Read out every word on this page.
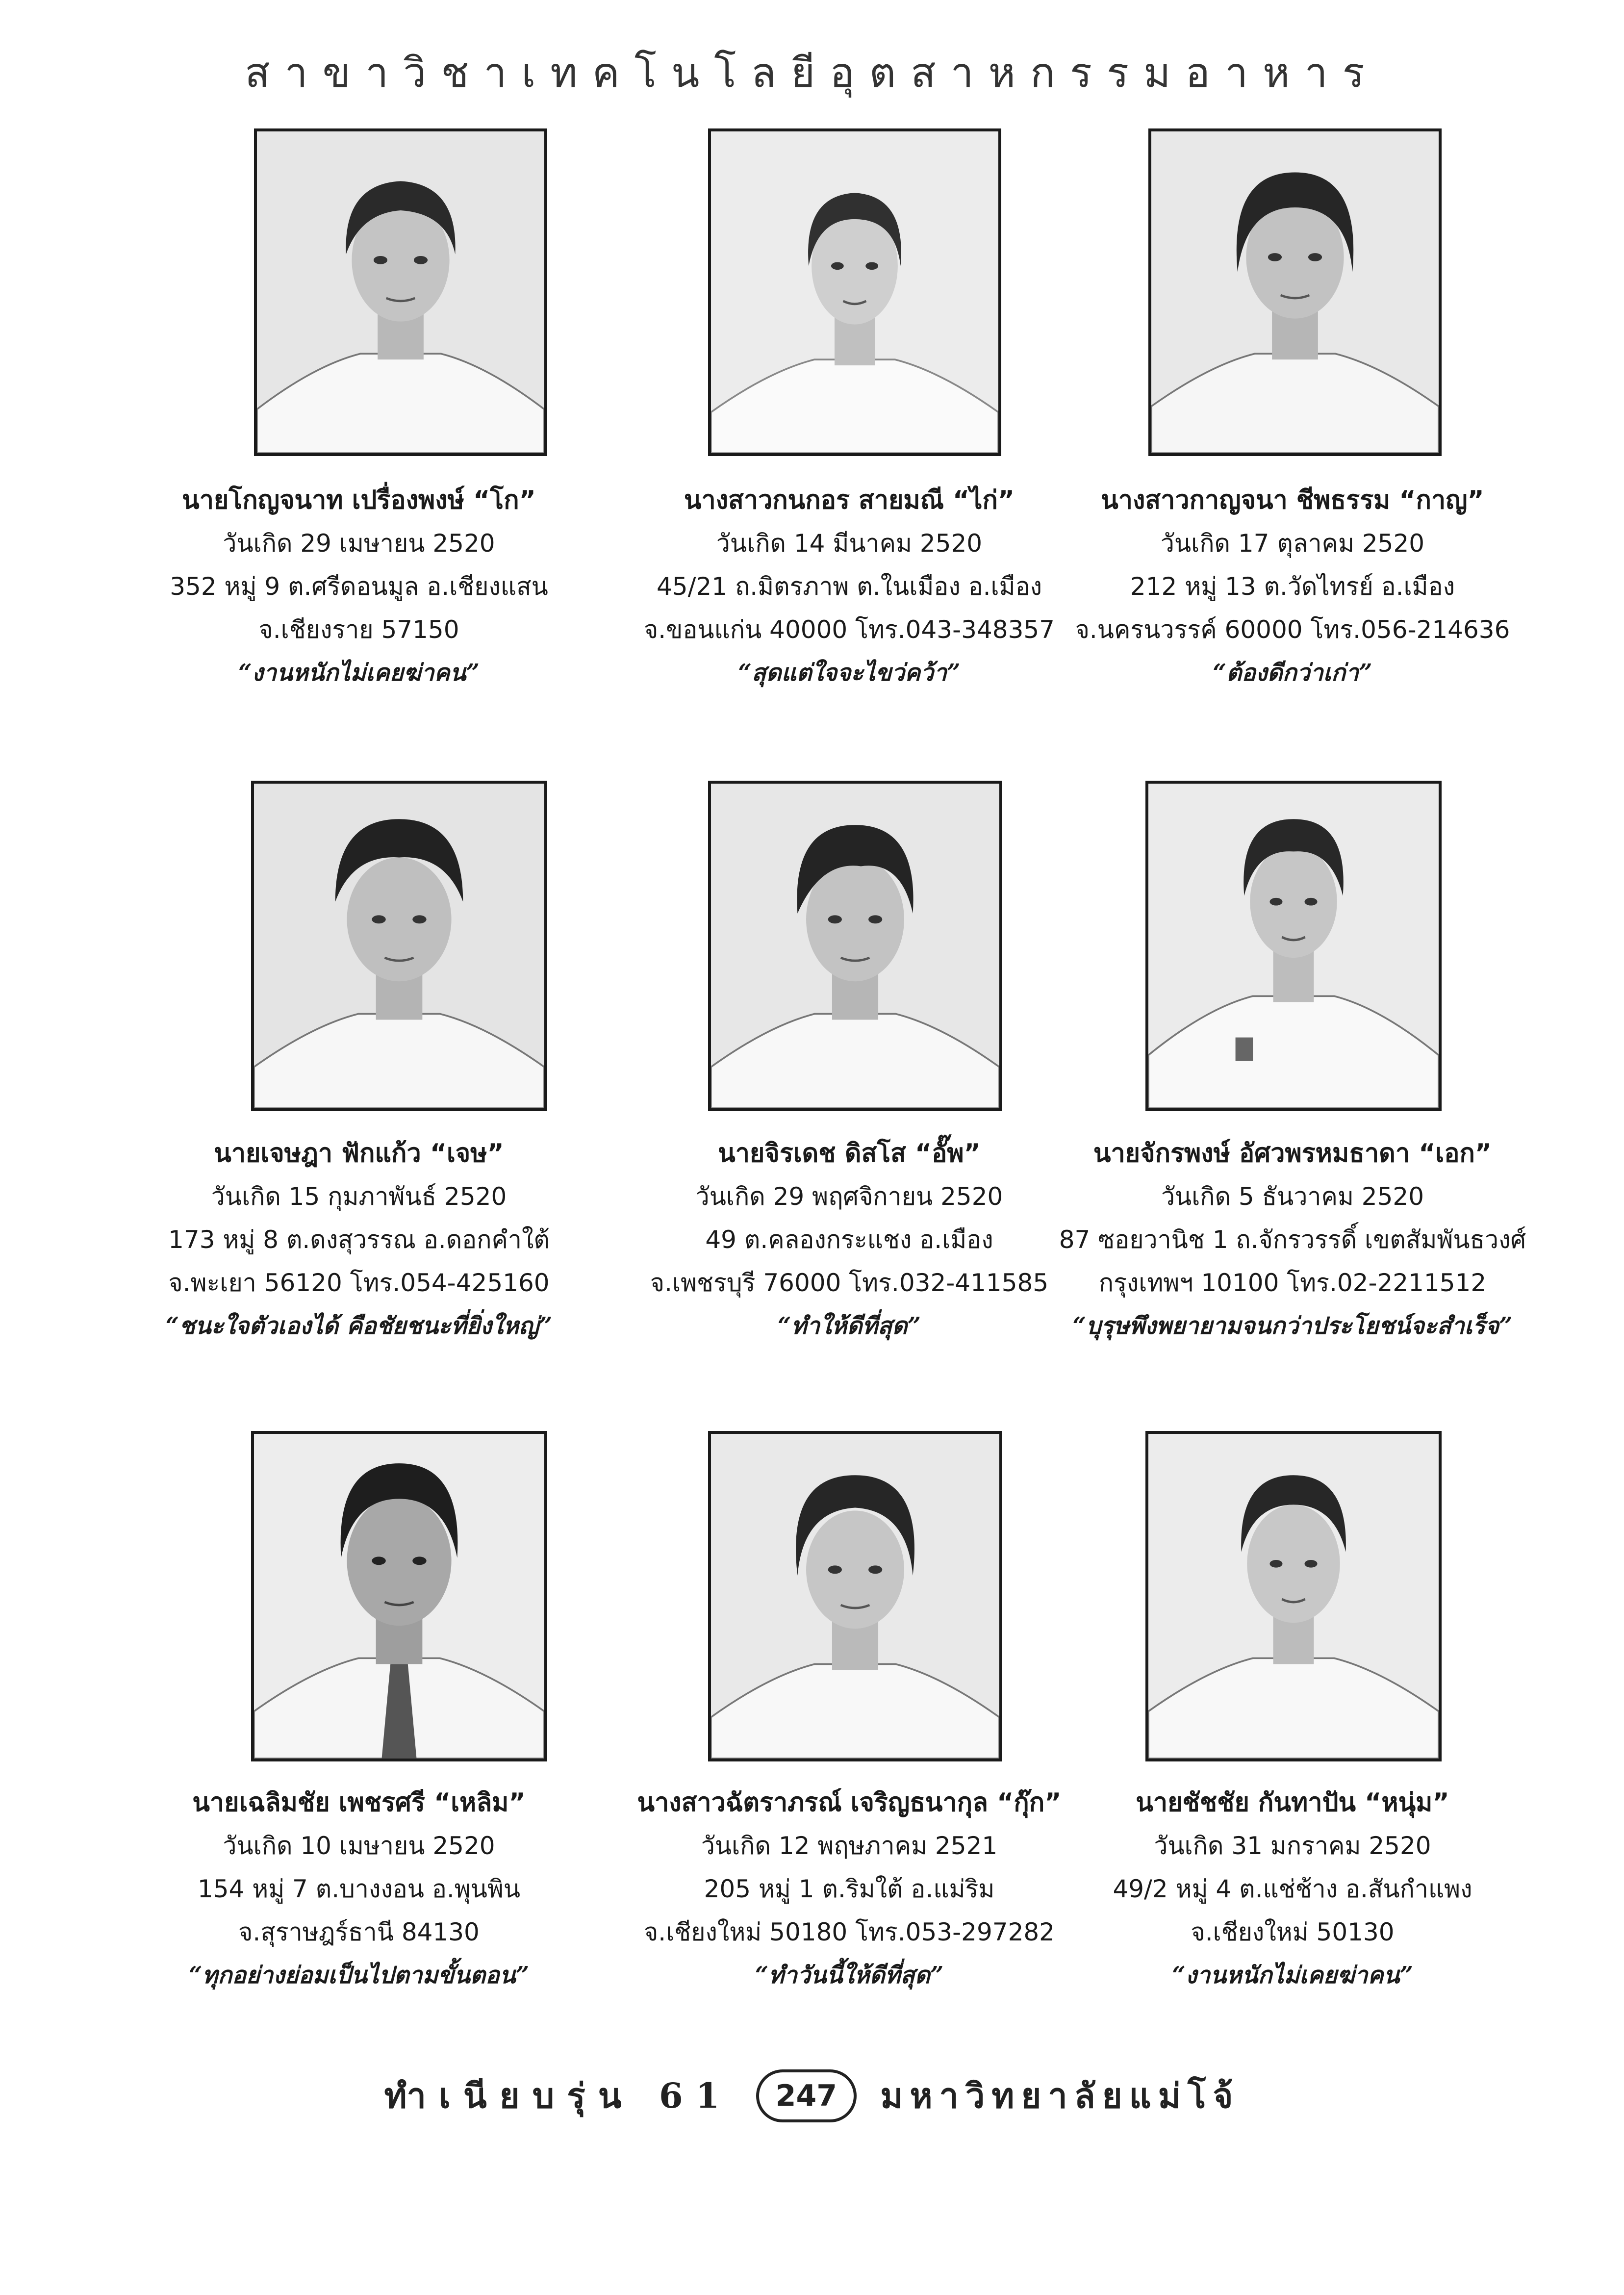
สาขาวิชาเทคโนโลยีอุตสาหกรรมอาหาร
นายโกญจนาท เปรื่องพงษ์ “โก”
วันเกิด 29 เมษายน 2520
352 หมู่ 9 ต.ศรีดอนมูล อ.เชียงแสน
จ.เชียงราย 57150
“งานหนักไม่เคยฆ่าคน”
นางสาวกนกอร สายมณี “ไก่”
วันเกิด 14 มีนาคม 2520
45/21 ถ.มิตรภาพ ต.ในเมือง อ.เมือง
จ.ขอนแก่น 40000 โทร.043-348357
“สุดแต่ใจจะไขว่คว้า”
นางสาวกาญจนา ชีพธรรม “กาญ”
วันเกิด 17 ตุลาคม 2520
212 หมู่ 13 ต.วัดไทรย์ อ.เมือง
จ.นครนวรรค์ 60000 โทร.056-214636
“ต้องดีกว่าเก่า”
นายเจษฎา ฟักแก้ว “เจษ”
วันเกิด 15 กุมภาพันธ์ 2520
173 หมู่ 8 ต.ดงสุวรรณ อ.ดอกคำใต้
จ.พะเยา 56120 โทร.054-425160
“ชนะใจตัวเองได้ คือชัยชนะที่ยิ่งใหญ่”
นายจิรเดช ดิสโส “อั๊พ”
วันเกิด 29 พฤศจิกายน 2520
49 ต.คลองกระแชง อ.เมือง
จ.เพชรบุรี 76000 โทร.032-411585
“ทำให้ดีที่สุด”
นายจักรพงษ์ อัศวพรหมธาดา “เอก”
วันเกิด 5 ธันวาคม 2520
87 ซอยวานิช 1 ถ.จักรวรรดิ์ เขตสัมพันธวงศ์
กรุงเทพฯ 10100 โทร.02-2211512
“บุรุษพึงพยายามจนกว่าประโยชน์จะสำเร็จ”
นายเฉลิมชัย เพชรศรี “เหลิม”
วันเกิด 10 เมษายน 2520
154 หมู่ 7 ต.บางงอน อ.พุนพิน
จ.สุราษฎร์ธานี 84130
“ทุกอย่างย่อมเป็นไปตามขั้นตอน”
นางสาวฉัตราภรณ์ เจริญธนากุล “กุ๊ก”
วันเกิด 12 พฤษภาคม 2521
205 หมู่ 1 ต.ริมใต้ อ.แม่ริม
จ.เชียงใหม่ 50180 โทร.053-297282
“ทำวันนี้ให้ดีที่สุด”
นายชัชชัย กันทาปัน “หนุ่ม”
วันเกิด 31 มกราคม 2520
49/2 หมู่ 4 ต.แช่ช้าง อ.สันกำแพง
จ.เชียงใหม่ 50130
“งานหนักไม่เคยฆ่าคน”
ทำเนียบรุ่น 61 247 มหาวิทยาลัยแม่โจ้
